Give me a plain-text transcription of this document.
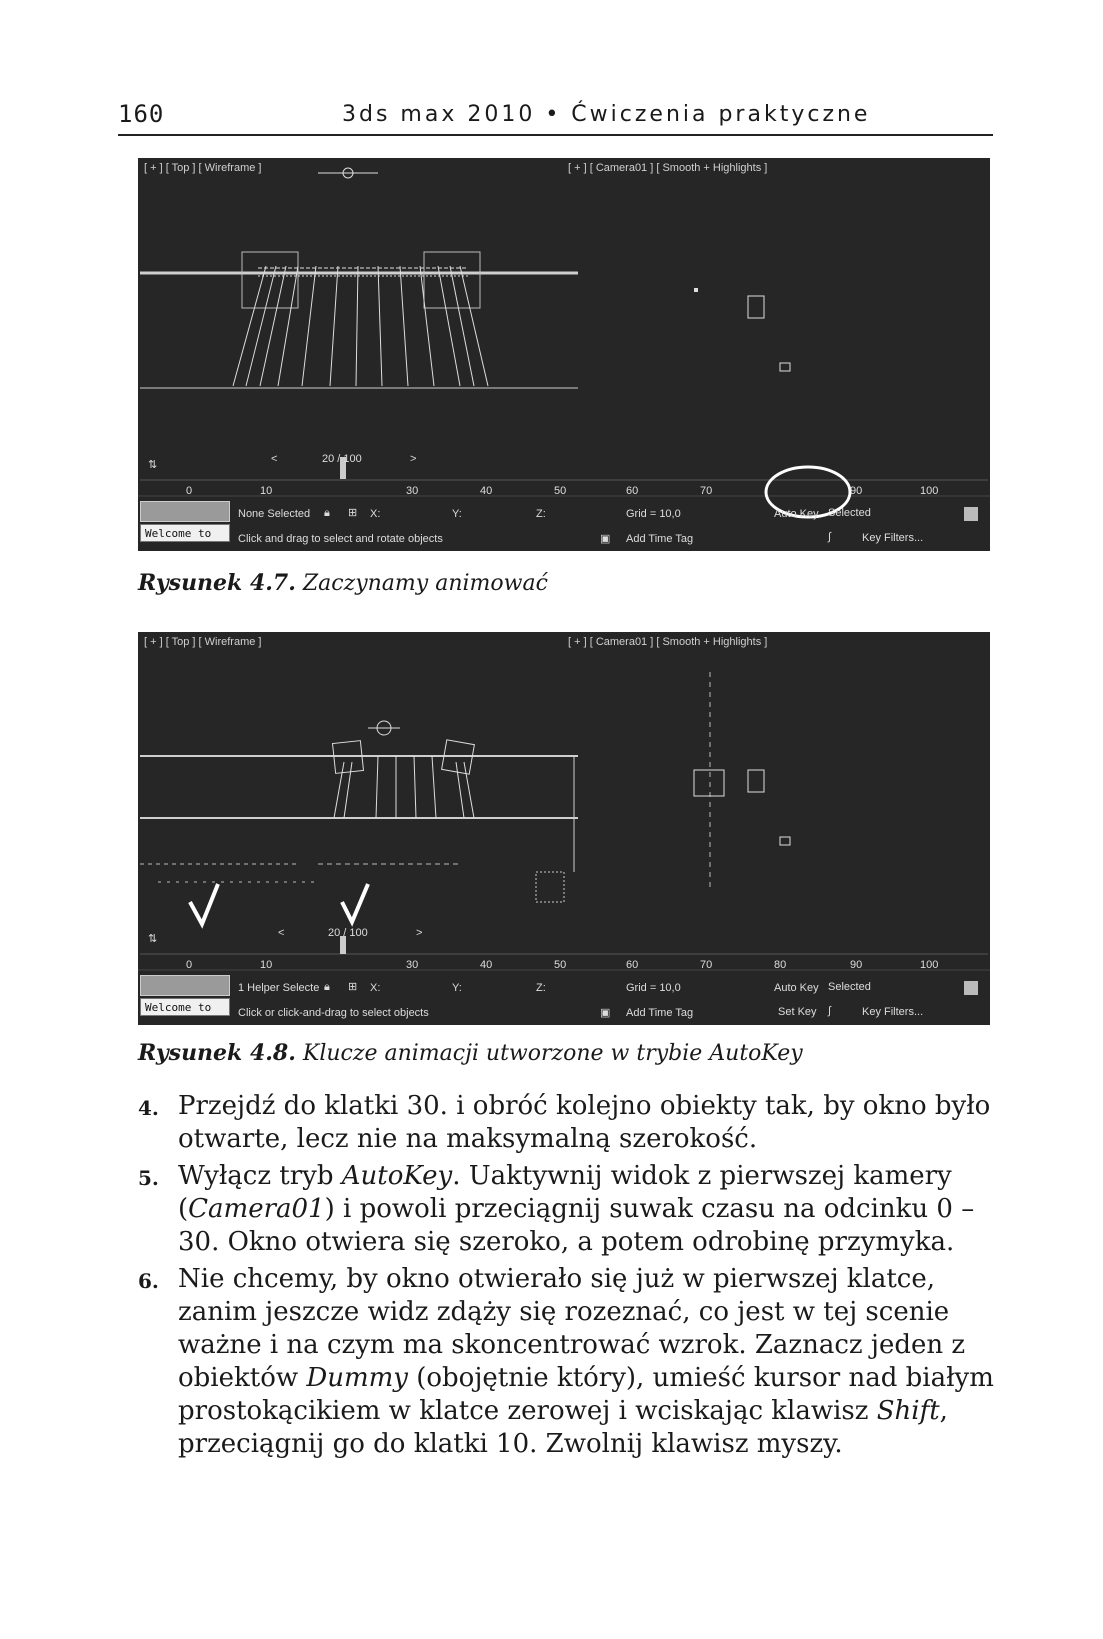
160	3ds max 2010 • Ćwiczenia praktyczne
[ + ] [ Top ] [ Wireframe ]	[ + ] [ Camera01 ] [ Smooth + Highlights ]
<	20 / 100	>
⇅
0	10	30	40	50	60	70	90	100
Welcome to
None Selected 🔒︎ ⊞ X:	Y:	Z:	Grid = 10,0	Auto Key Selected
Click and drag to select and rotate objects	▣ Add Time Tag	∫	Key Filters...
Rysunek 4.7. Zaczynamy animować
[ + ] [ Top ] [ Wireframe ]	[ + ] [ Camera01 ] [ Smooth + Highlights ]
<	20 / 100	>
⇅
0	10	30	40	50	60	70	80	90	100
Welcome to
1 Helper Selecte 🔒︎ ⊞ X:	Y:	Z:	Grid = 10,0	Auto Key Selected
Click or click-and-drag to select objects	▣ Add Time Tag	Set Key ∫	Key Filters...
Rysunek 4.8. Klucze animacji utworzone w trybie AutoKey
4. Przejdź do klatki 30. i obróć kolejno obiekty tak, by okno było otwarte, lecz nie na maksymalną szerokość.
5. Wyłącz tryb AutoKey. Uaktywnij widok z pierwszej kamery (Camera01) i powoli przeciągnij suwak czasu na odcinku 0 – 30. Okno otwiera się szeroko, a potem odrobinę przymyka.
6. Nie chcemy, by okno otwierało się już w pierwszej klatce, zanim jeszcze widz zdąży się rozeznać, co jest w tej scenie ważne i na czym ma skoncentrować wzrok. Zaznacz jeden z obiektów Dummy (obojętnie który), umieść kursor nad białym prostokącikiem w klatce zerowej i wciskając klawisz Shift, przeciągnij go do klatki 10. Zwolnij klawisz myszy.
